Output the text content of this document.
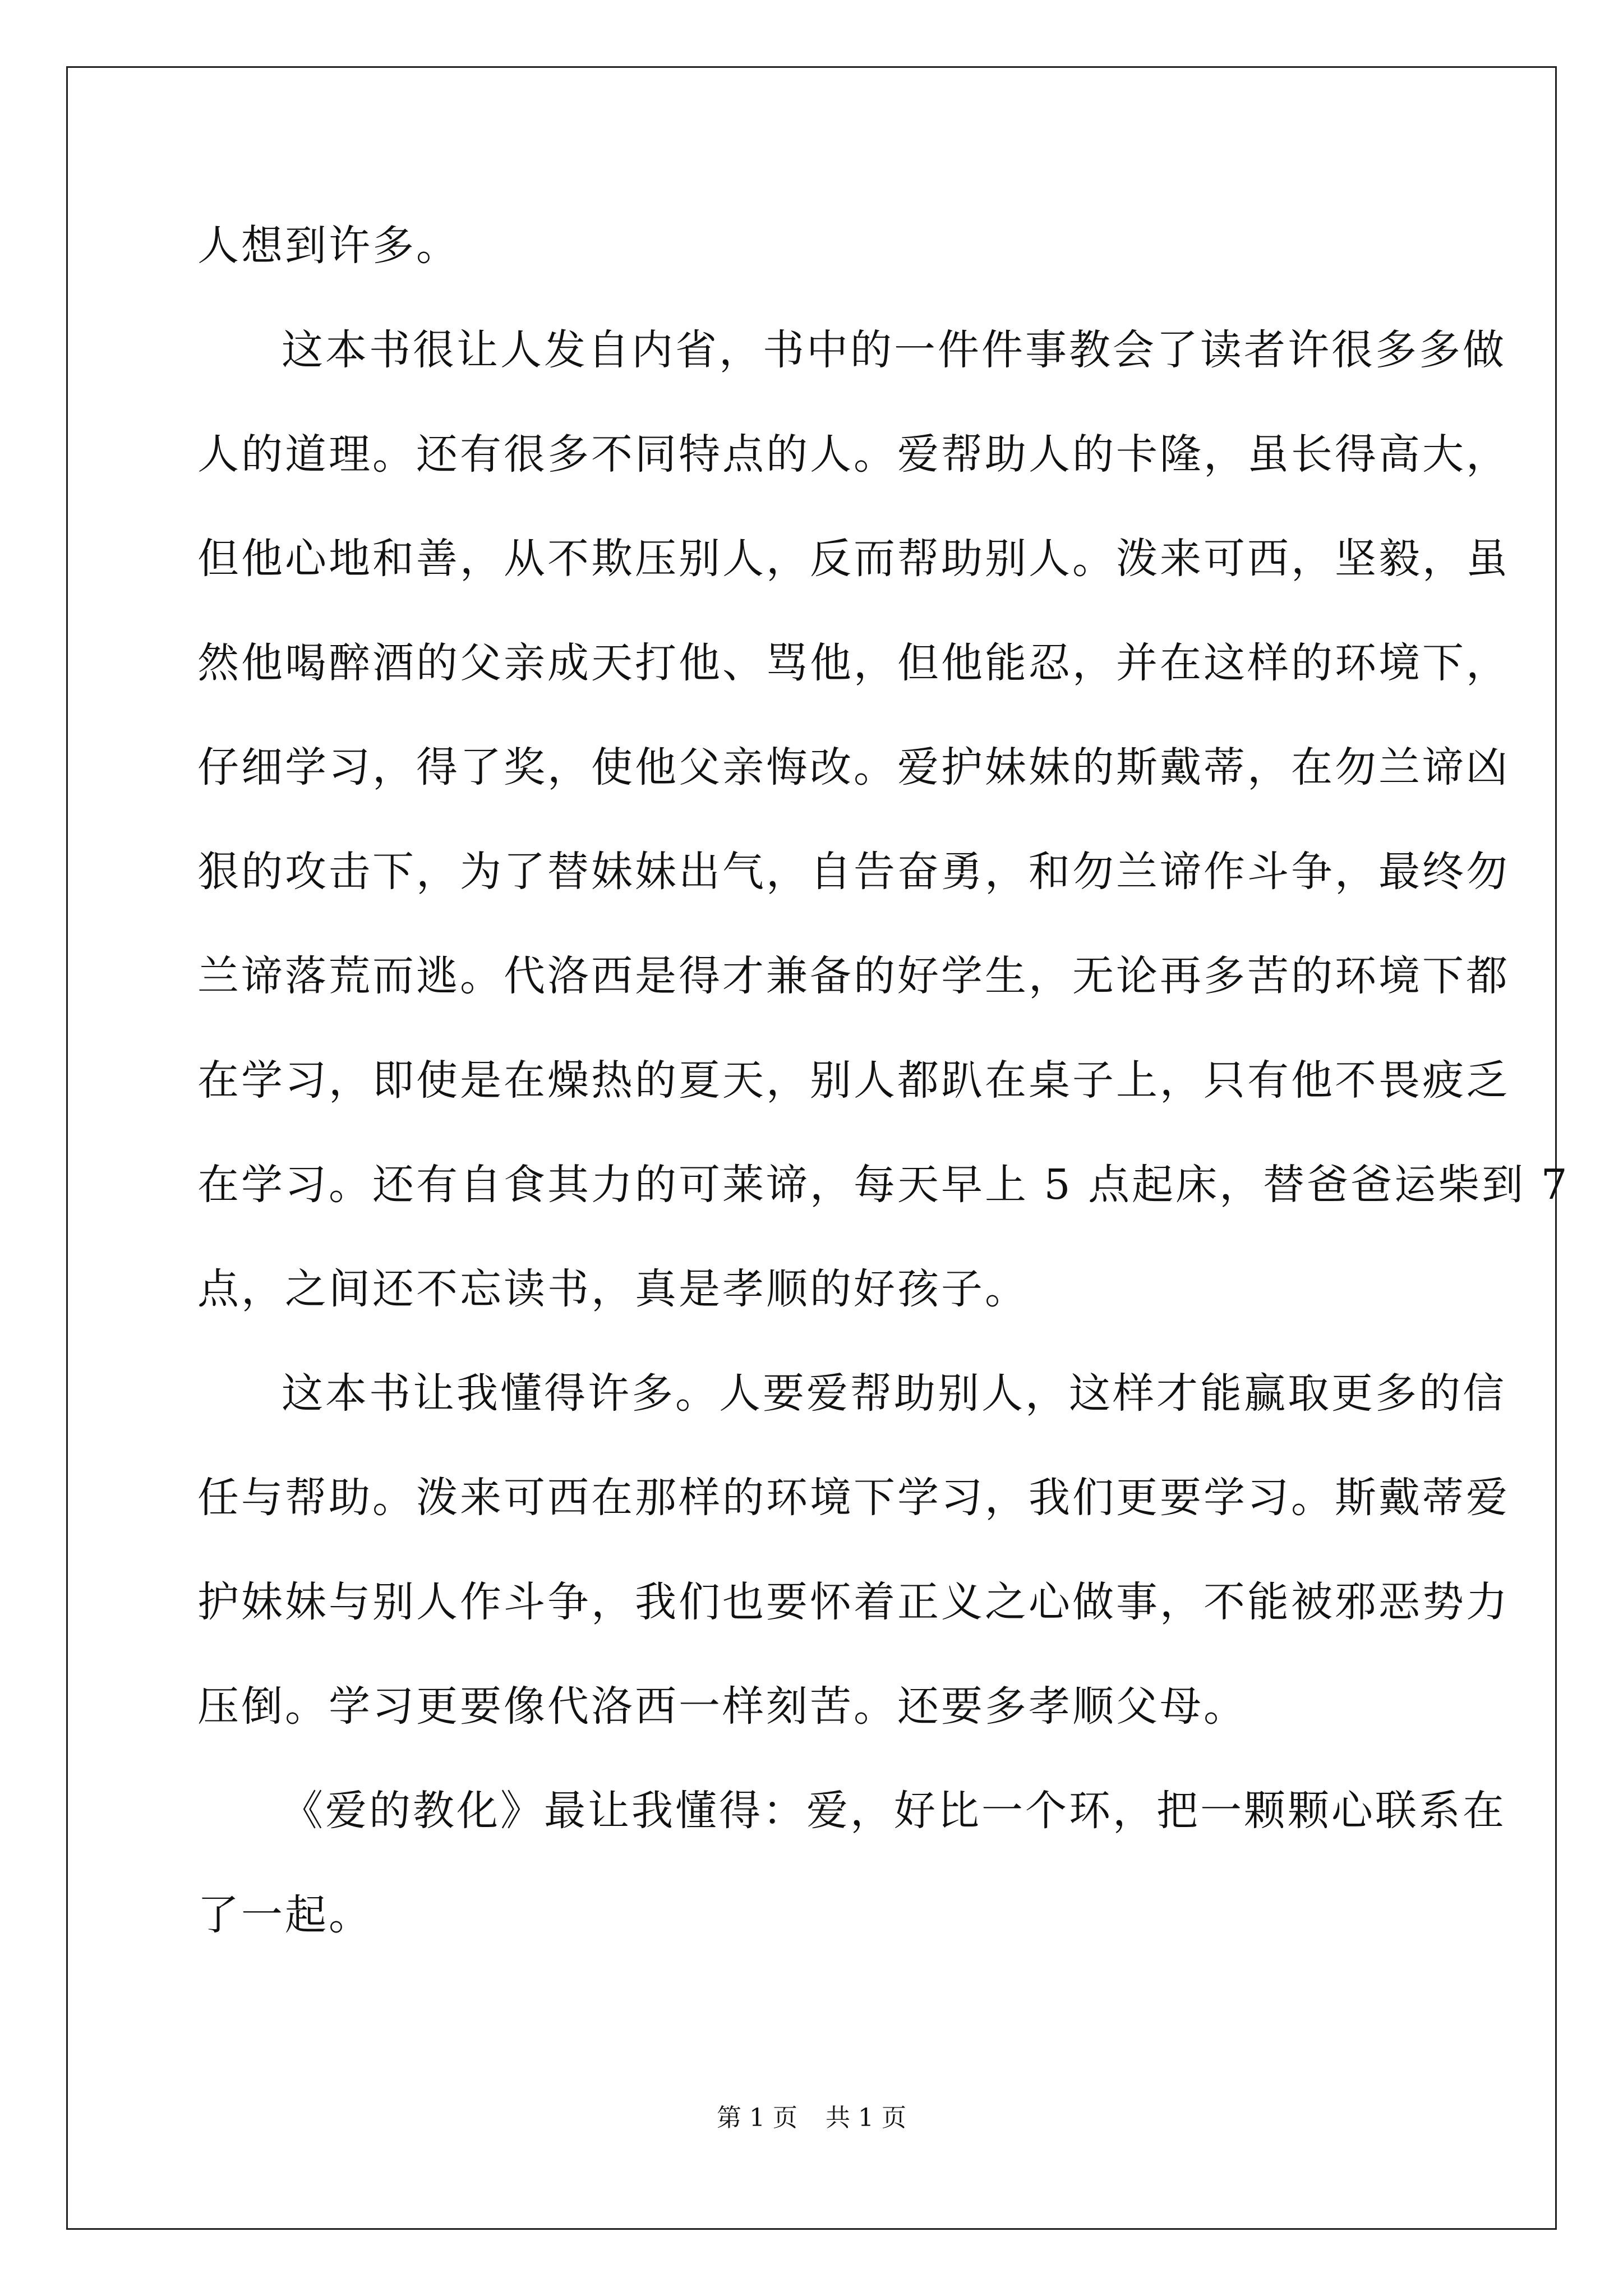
人想到许多。
这本书很让人发自内省，书中的一件件事教会了读者许很多多做
人的道理。还有很多不同特点的人。爱帮助人的卡隆，虽长得高大，
但他心地和善，从不欺压别人，反而帮助别人。泼来可西，坚毅，虽
然他喝醉酒的父亲成天打他、骂他，但他能忍，并在这样的环境下，
仔细学习，得了奖，使他父亲悔改。爱护妹妹的斯戴蒂，在勿兰谛凶
狠的攻击下，为了替妹妹出气，自告奋勇，和勿兰谛作斗争，最终勿
兰谛落荒而逃。代洛西是得才兼备的好学生，无论再多苦的环境下都
在学习，即使是在燥热的夏天，别人都趴在桌子上，只有他不畏疲乏
在学习。还有自食其力的可莱谛，每天早上 5 点起床，替爸爸运柴到 7
点，之间还不忘读书，真是孝顺的好孩子。
这本书让我懂得许多。人要爱帮助别人，这样才能赢取更多的信
任与帮助。泼来可西在那样的环境下学习，我们更要学习。斯戴蒂爱
护妹妹与别人作斗争，我们也要怀着正义之心做事，不能被邪恶势力
压倒。学习更要像代洛西一样刻苦。还要多孝顺父母。
《爱的教化》最让我懂得：爱，好比一个环，把一颗颗心联系在
了一起。
第 1 页 共 1 页
